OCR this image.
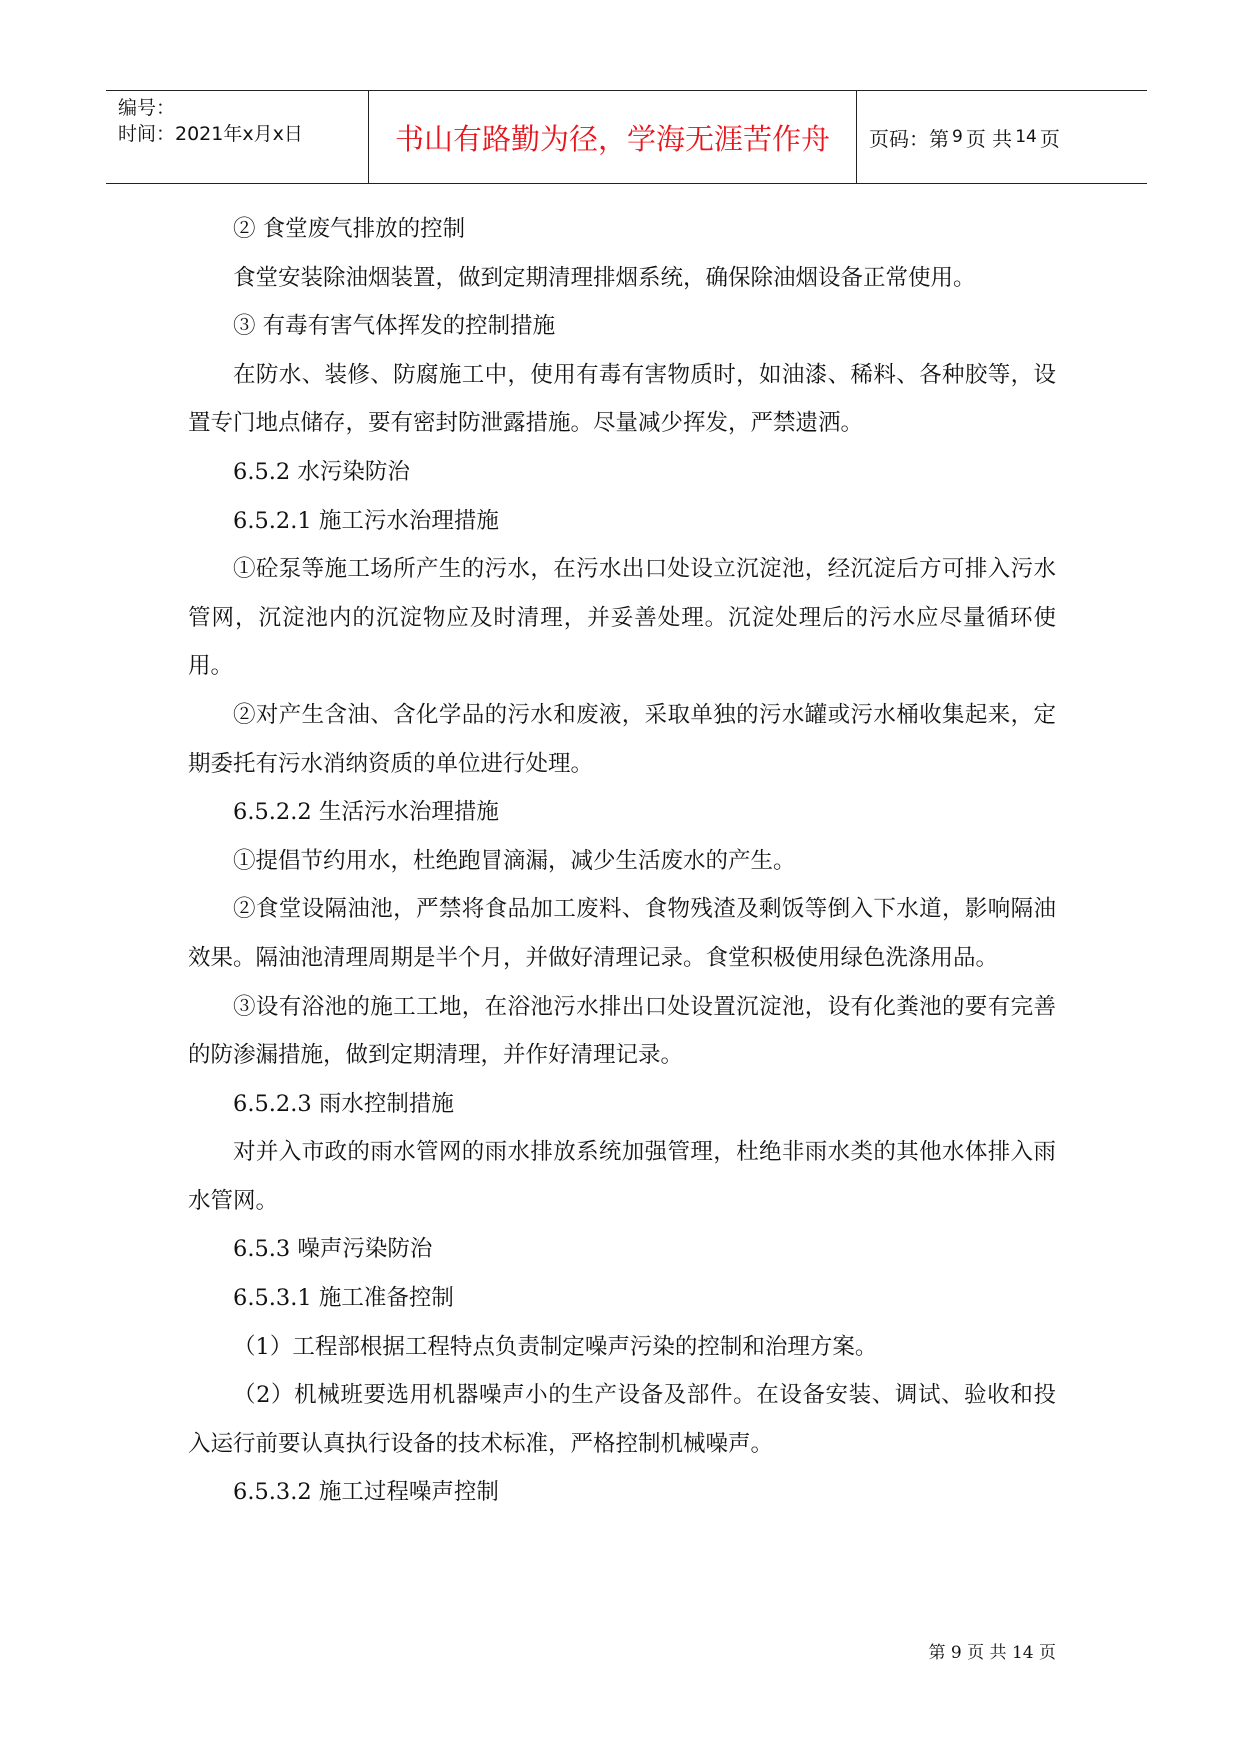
编号：
时间：2021年x月x日	书山有路勤为径，学海无涯苦作舟 页码：第 9 页 共 14 页

② 食堂废气排放的控制

食堂安装除油烟装置，做到定期清理排烟系统，确保除油烟设备正常使用。

③ 有毒有害气体挥发的控制措施

在防水、装修、防腐施工中，使用有毒有害物质时，如油漆、稀料、各种胶等，设置专门地点储存，要有密封防泄露措施。尽量减少挥发，严禁遗洒。

6.5.2 水污染防治

6.5.2.1 施工污水治理措施

①砼泵等施工场所产生的污水，在污水出口处设立沉淀池，经沉淀后方可排入污水管网，沉淀池内的沉淀物应及时清理，并妥善处理。沉淀处理后的污水应尽量循环使用。

②对产生含油、含化学品的污水和废液，采取单独的污水罐或污水桶收集起来，定期委托有污水消纳资质的单位进行处理。

6.5.2.2 生活污水治理措施

①提倡节约用水，杜绝跑冒滴漏，减少生活废水的产生。

②食堂设隔油池，严禁将食品加工废料、食物残渣及剩饭等倒入下水道，影响隔油效果。隔油池清理周期是半个月，并做好清理记录。食堂积极使用绿色洗涤用品。

③设有浴池的施工工地，在浴池污水排出口处设置沉淀池，设有化粪池的要有完善的防渗漏措施，做到定期清理，并作好清理记录。

6.5.2.3 雨水控制措施

对并入市政的雨水管网的雨水排放系统加强管理，杜绝非雨水类的其他水体排入雨水管网。

6.5.3 噪声污染防治

6.5.3.1 施工准备控制

（1）工程部根据工程特点负责制定噪声污染的控制和治理方案。

（2）机械班要选用机器噪声小的生产设备及部件。在设备安装、调试、验收和投入运行前要认真执行设备的技术标准，严格控制机械噪声。

6.5.3.2 施工过程噪声控制

第 9 页 共 14 页
